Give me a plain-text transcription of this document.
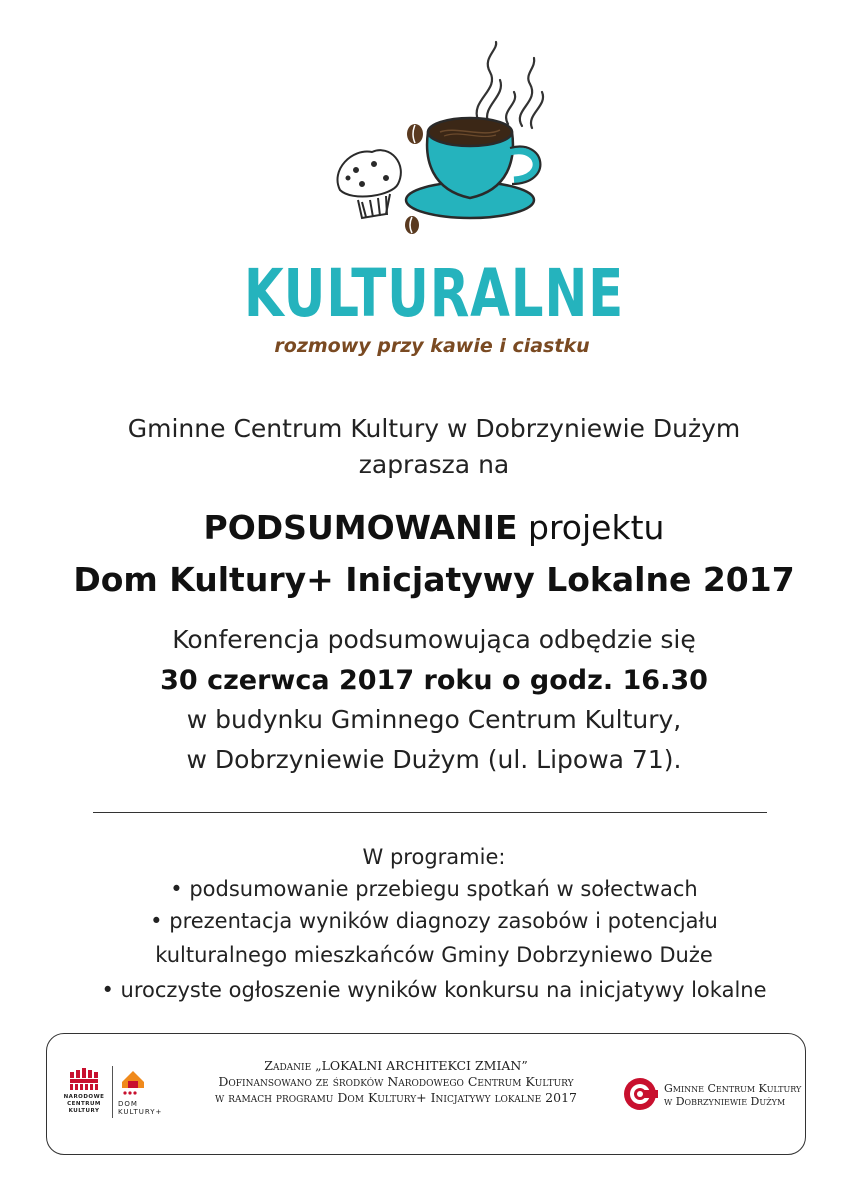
KULTURALNE
rozmowy przy kawie i ciastku
Gminne Centrum Kultury w Dobrzyniewie Dużym
zaprasza na
PODSUMOWANIE projektu
Dom Kultury+ Inicjatywy Lokalne 2017
Konferencja podsumowująca odbędzie się
30 czerwca 2017 roku o godz. 16.30
w budynku Gminnego Centrum Kultury,
w Dobrzyniewie Dużym (ul. Lipowa 71).
W programie:
• podsumowanie przebiegu spotkań w sołectwach
• prezentacja wyników diagnozy zasobów i potencjału
kulturalnego mieszkańców Gminy Dobrzyniewo Duże
• uroczyste ogłoszenie wyników konkursu na inicjatywy lokalne
NARODOWE
CENTRUM
KULTURY
DOM
KULTURY+
Zadanie „LOKALNI ARCHITEKCI ZMIAN”
Dofinansowano ze środków Narodowego Centrum Kultury
w ramach programu Dom Kultury+ Inicjatywy lokalne 2017
Gminne Centrum Kultury
w Dobrzyniewie Dużym
